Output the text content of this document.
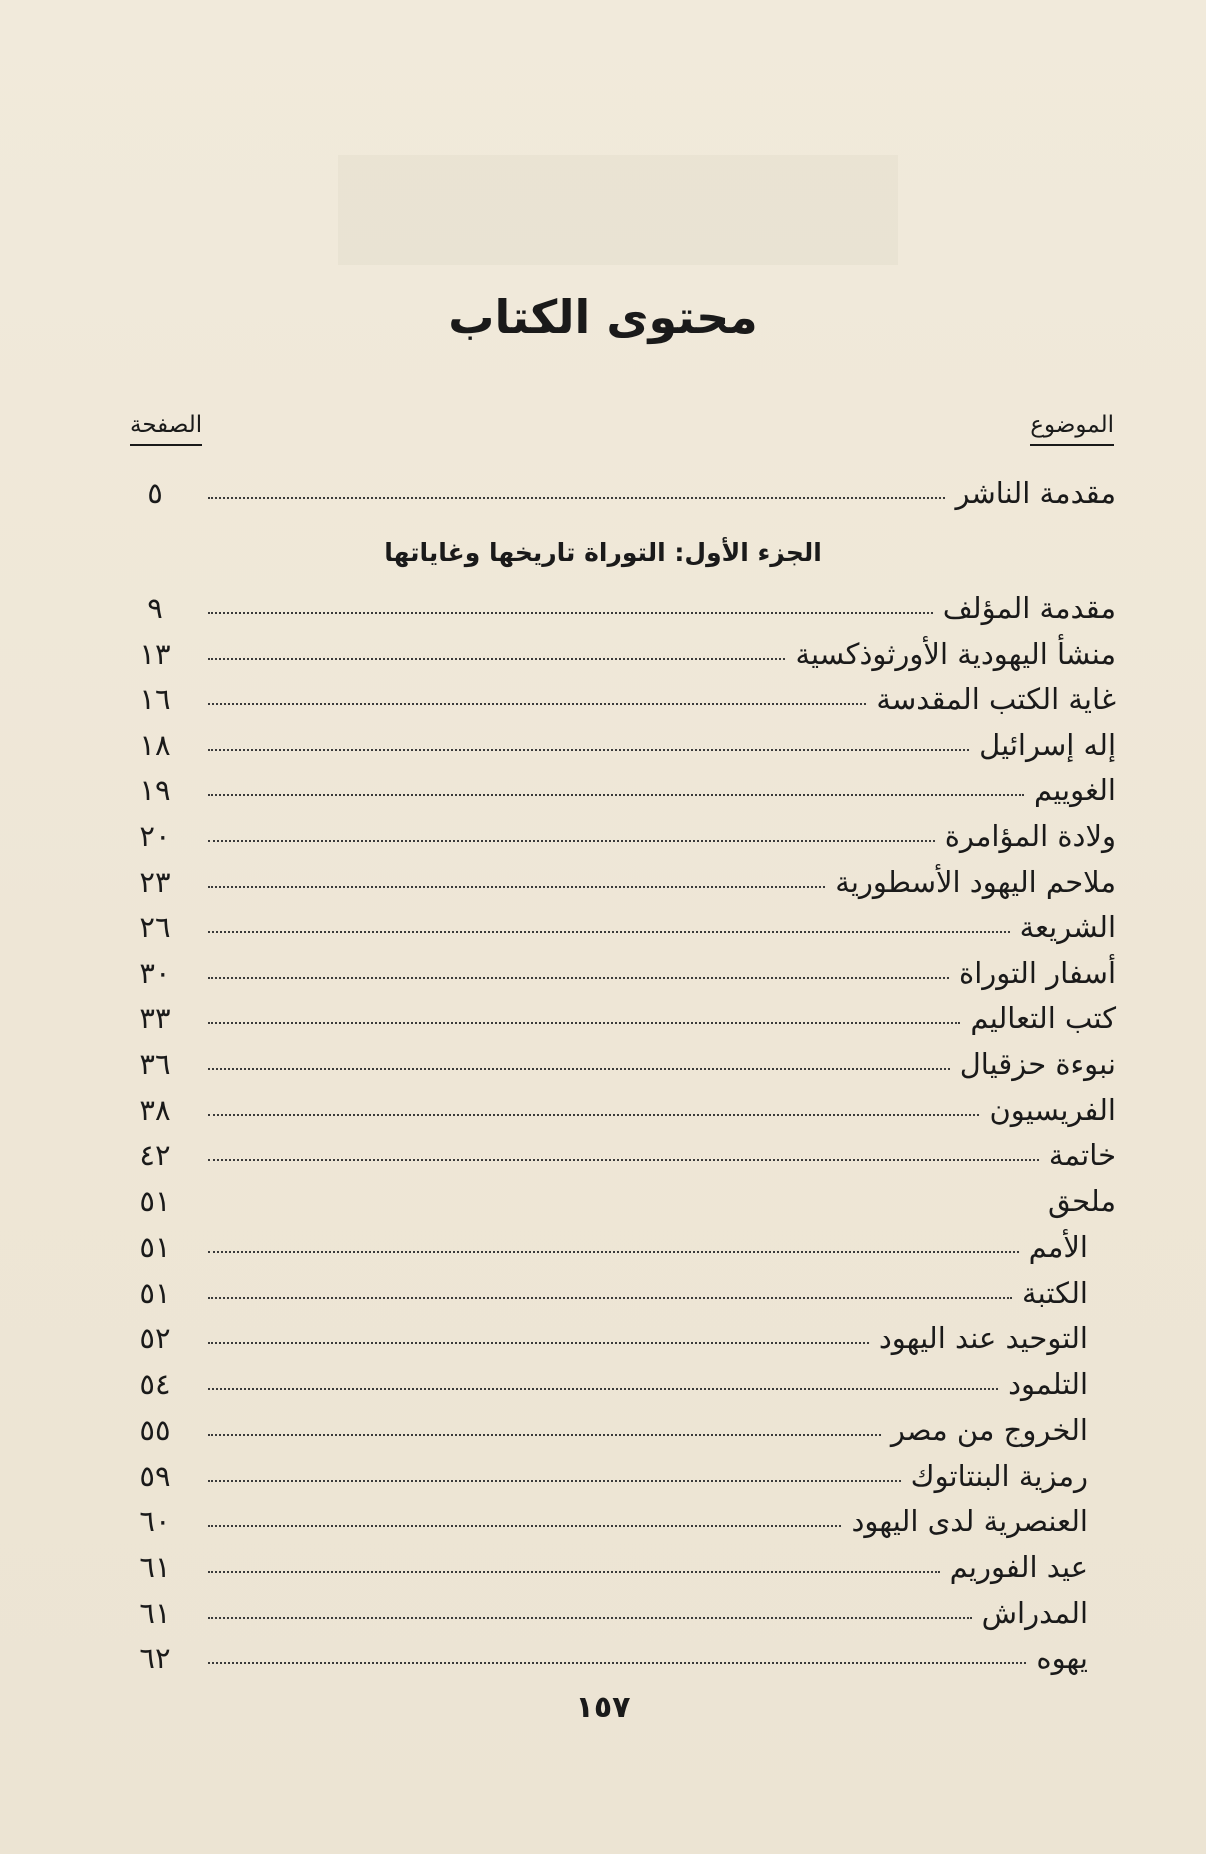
محتوى الكتاب
الموضوع
الصفحة
مقدمة الناشر
٥
الجزء الأول: التوراة تاريخها وغاياتها
مقدمة المؤلف
٩
منشأ اليهودية الأورثوذكسية
١٣
غاية الكتب المقدسة
١٦
إله إسرائيل
١٨
الغوييم
١٩
ولادة المؤامرة
٢٠
ملاحم اليهود الأسطورية
٢٣
الشريعة
٢٦
أسفار التوراة
٣٠
كتب التعاليم
٣٣
نبوءة حزقيال
٣٦
الفريسيون
٣٨
خاتمة
٤٢
ملحق
٥١
الأمم
٥١
الكتبة
٥١
التوحيد عند اليهود
٥٢
التلمود
٥٤
الخروج من مصر
٥٥
رمزية البنتاتوك
٥٩
العنصرية لدى اليهود
٦٠
عيد الفوريم
٦١
المدراش
٦١
يهوه
٦٢
١٥٧
